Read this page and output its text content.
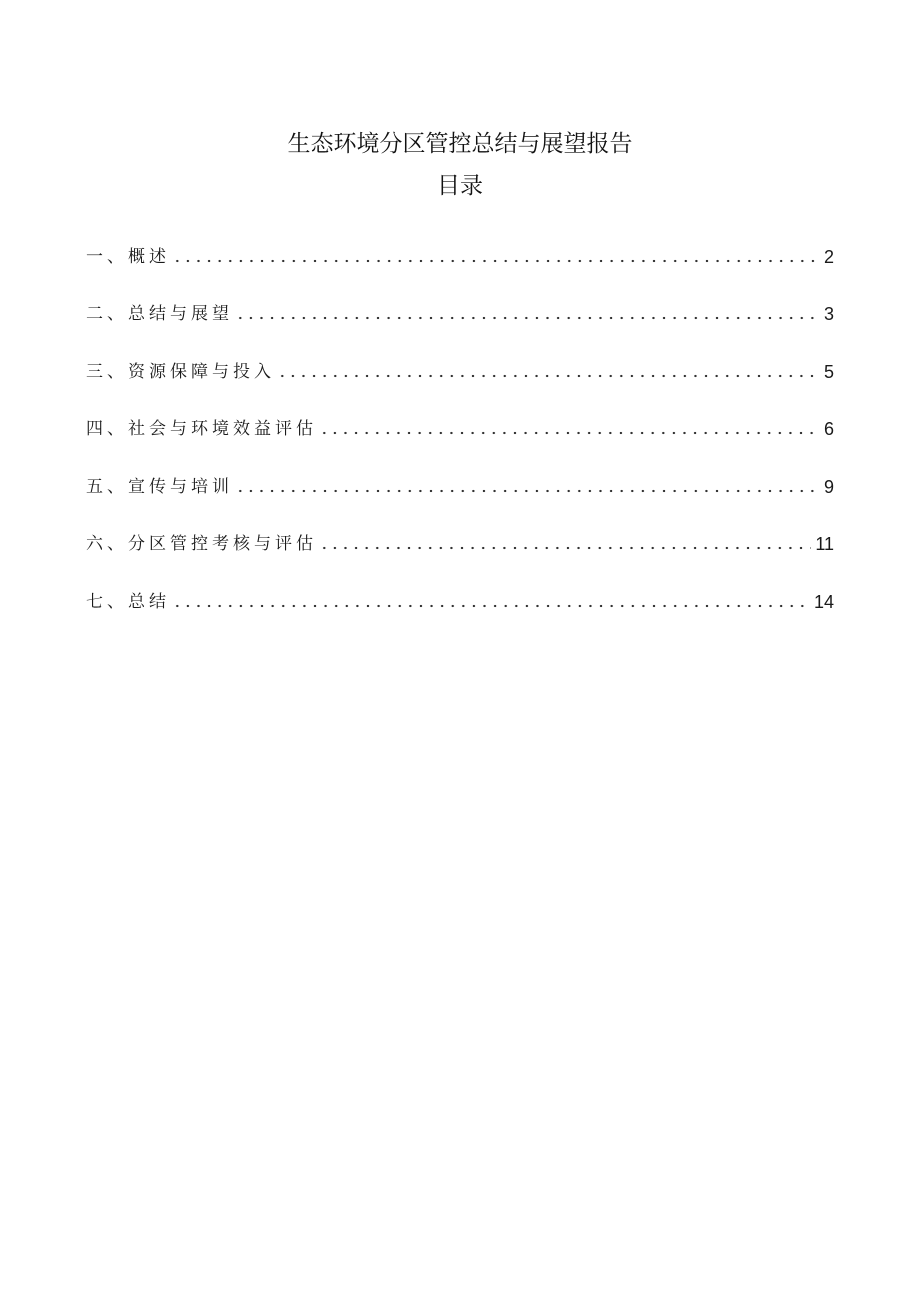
生态环境分区管控总结与展望报告
目录
一、概述	2
二、总结与展望	3
三、资源保障与投入	5
四、社会与环境效益评估	6
五、宣传与培训	9
六、分区管控考核与评估	11
七、总结	14
